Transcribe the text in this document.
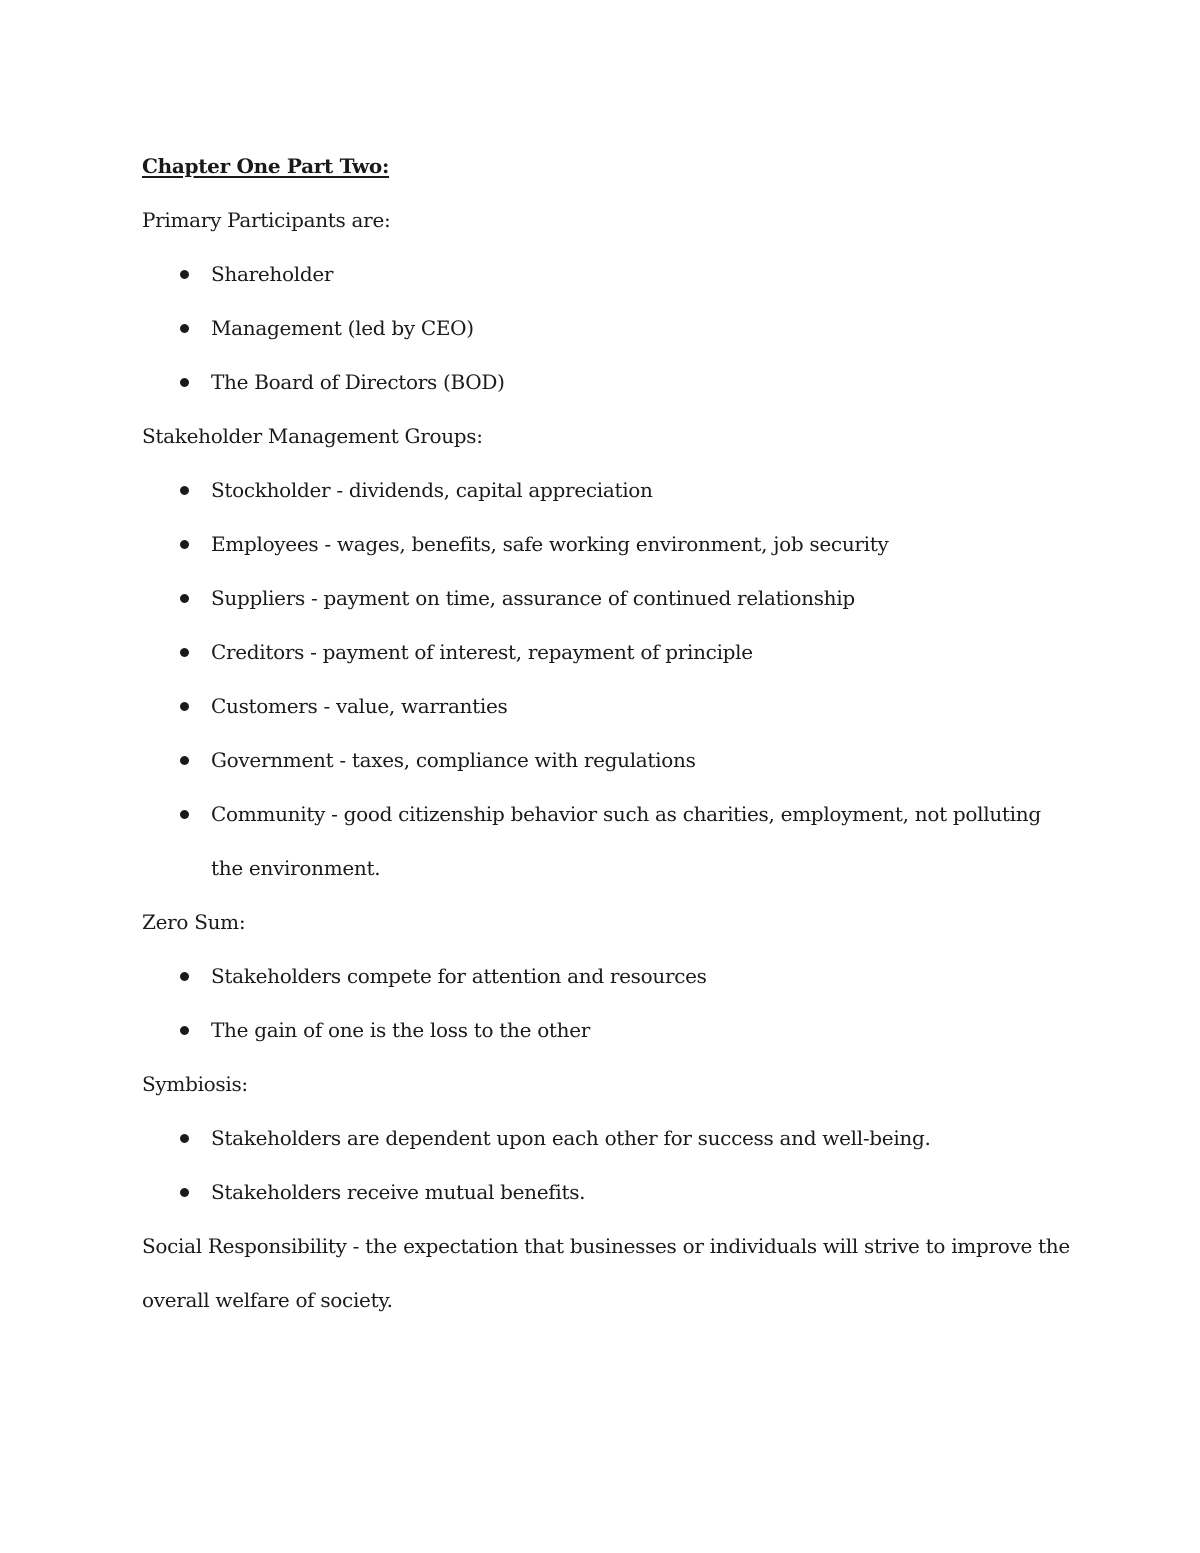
Chapter One Part Two:
Primary Participants are:
Shareholder
Management (led by CEO)
The Board of Directors (BOD)
Stakeholder Management Groups:
Stockholder - dividends, capital appreciation
Employees - wages, benefits, safe working environment, job security
Suppliers - payment on time, assurance of continued relationship
Creditors - payment of interest, repayment of principle
Customers - value, warranties
Government - taxes, compliance with regulations
Community - good citizenship behavior such as charities, employment, not polluting the environment.
Zero Sum:
Stakeholders compete for attention and resources
The gain of one is the loss to the other
Symbiosis:
Stakeholders are dependent upon each other for success and well-being.
Stakeholders receive mutual benefits.
Social Responsibility - the expectation that businesses or individuals will strive to improve the overall welfare of society.
